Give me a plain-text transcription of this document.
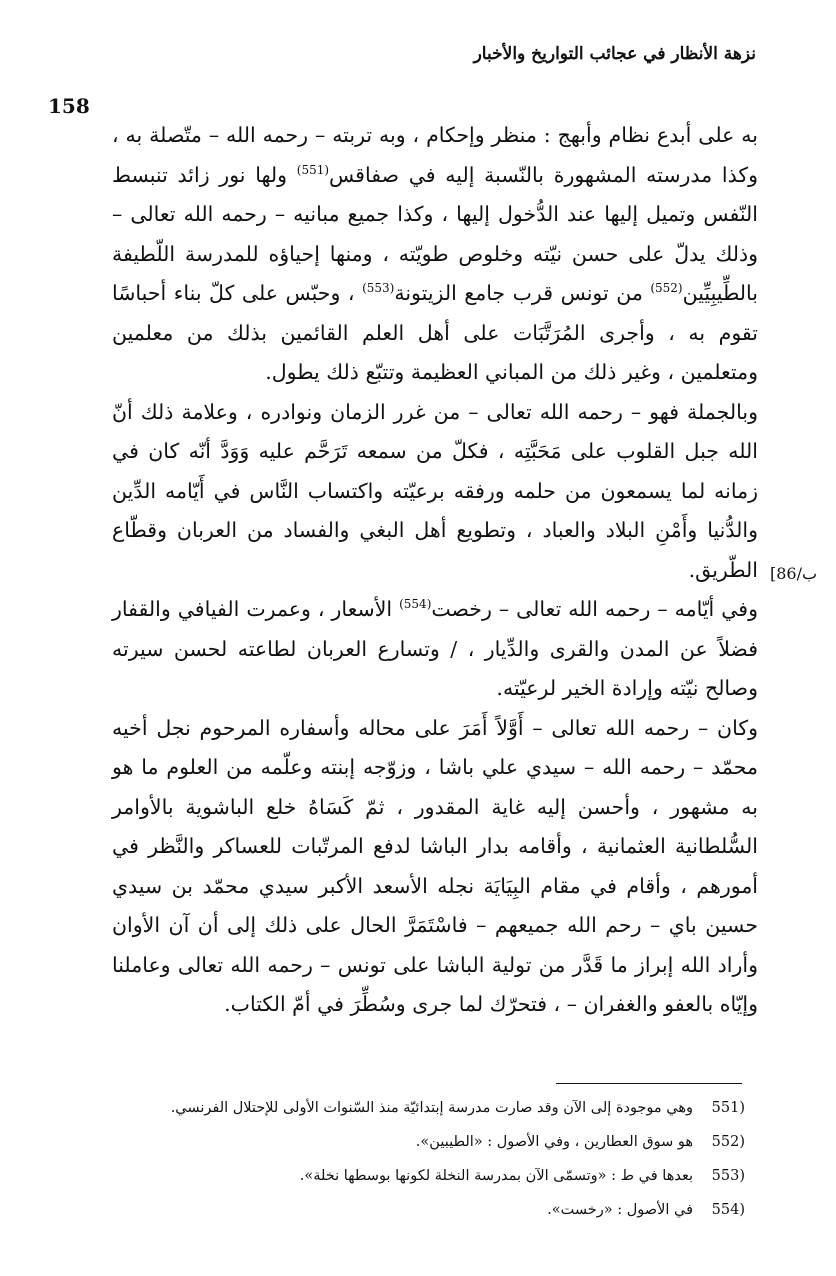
158
نزهة الأنظار في عجائب التواريخ والأخبار
[86/ب

به على أبدع نظام وأبهج : منظر وإحكام ، وبه تربته – رحمه الله – متّصلة به ، وكذا مدرسته المشهورة بالنّسبة إليه في صفاقس$^{(551)}$ ولها نور زائد تنبسط النّفس وتميل إليها عند الدُّخول إليها ، وكذا جميع مبانيه – رحمه الله تعالى – وذلك يدلّ على حسن نيّته وخلوص طويّته ، ومنها إحياؤه للمدرسة اللّطيفة بالطِّيبِيِّين$^{(552)}$ من تونس قرب جامع الزيتونة$^{(553)}$ ، وحبّس على كلّ بناء أحباسًا تقوم به ، وأجرى المُرَتَّبَات على أهل العلم القائمين بذلك من معلمين ومتعلمين ، وغير ذلك من المباني العظيمة وتتبّع ذلك يطول.

وبالجملة فهو – رحمه الله تعالى – من غرر الزمان ونوادره ، وعلامة ذلك أنّ الله جبل القلوب على مَحَبَّتِه ، فكلّ من سمعه تَرَحَّم عليه وَوَدَّ أنّه كان في زمانه لما يسمعون من حلمه ورفقه برعيّته واكتساب النَّاس في أَيّامه الدِّين والدُّنيا وأَمْنِ البلاد والعباد ، وتطويع أهل البغي والفساد من العربان وقطّاع الطّريق.

وفي أيّامه – رحمه الله تعالى – رخصت$^{(554)}$ الأسعار ، وعمرت الفيافي والقفار فضلاً عن المدن والقرى والدِّيار ، / وتسارع العربان لطاعته لحسن سيرته وصالح نيّته وإرادة الخير لرعيّته.

وكان – رحمه الله تعالى – أَوَّلاً أَمَرَ على محاله وأسفاره المرحوم نجل أخيه محمّد – رحمه الله – سيدي علي باشا ، وزوّجه إبنته وعلّمه من العلوم ما هو به مشهور ، وأحسن إليه غاية المقدور ، ثمّ كَسَاهُ خلع الباشوية بالأوامر السُّلطانية العثمانية ، وأقامه بدار الباشا لدفع المرتّبات للعساكر والنَّظر في أمورهم ، وأقام في مقام البِيَايَة نجله الأسعد الأكبر سيدي محمّد بن سيدي حسين باي – رحم الله جميعهم – فاسْتَمَرَّ الحال على ذلك إلى أن آن الأوان وأراد الله إبراز ما قَدَّر من تولية الباشا على تونس – رحمه الله تعالى وعاملنا وإيّاه بالعفو والغفران – ، فتحرّك لما جرى وسُطِّرَ في أمّ الكتاب.

551)
وهي موجودة إلى الآن وقد صارت مدرسة إبتدائيّة منذ السّنوات الأولى للإحتلال الفرنسي.
552)
هو سوق العطارين ، وفي الأصول : «الطيبين».
553)
بعدها في ط : «وتسمّى الآن بمدرسة النخلة لكونها بوسطها نخلة».
554)
في الأصول : «رخست».
